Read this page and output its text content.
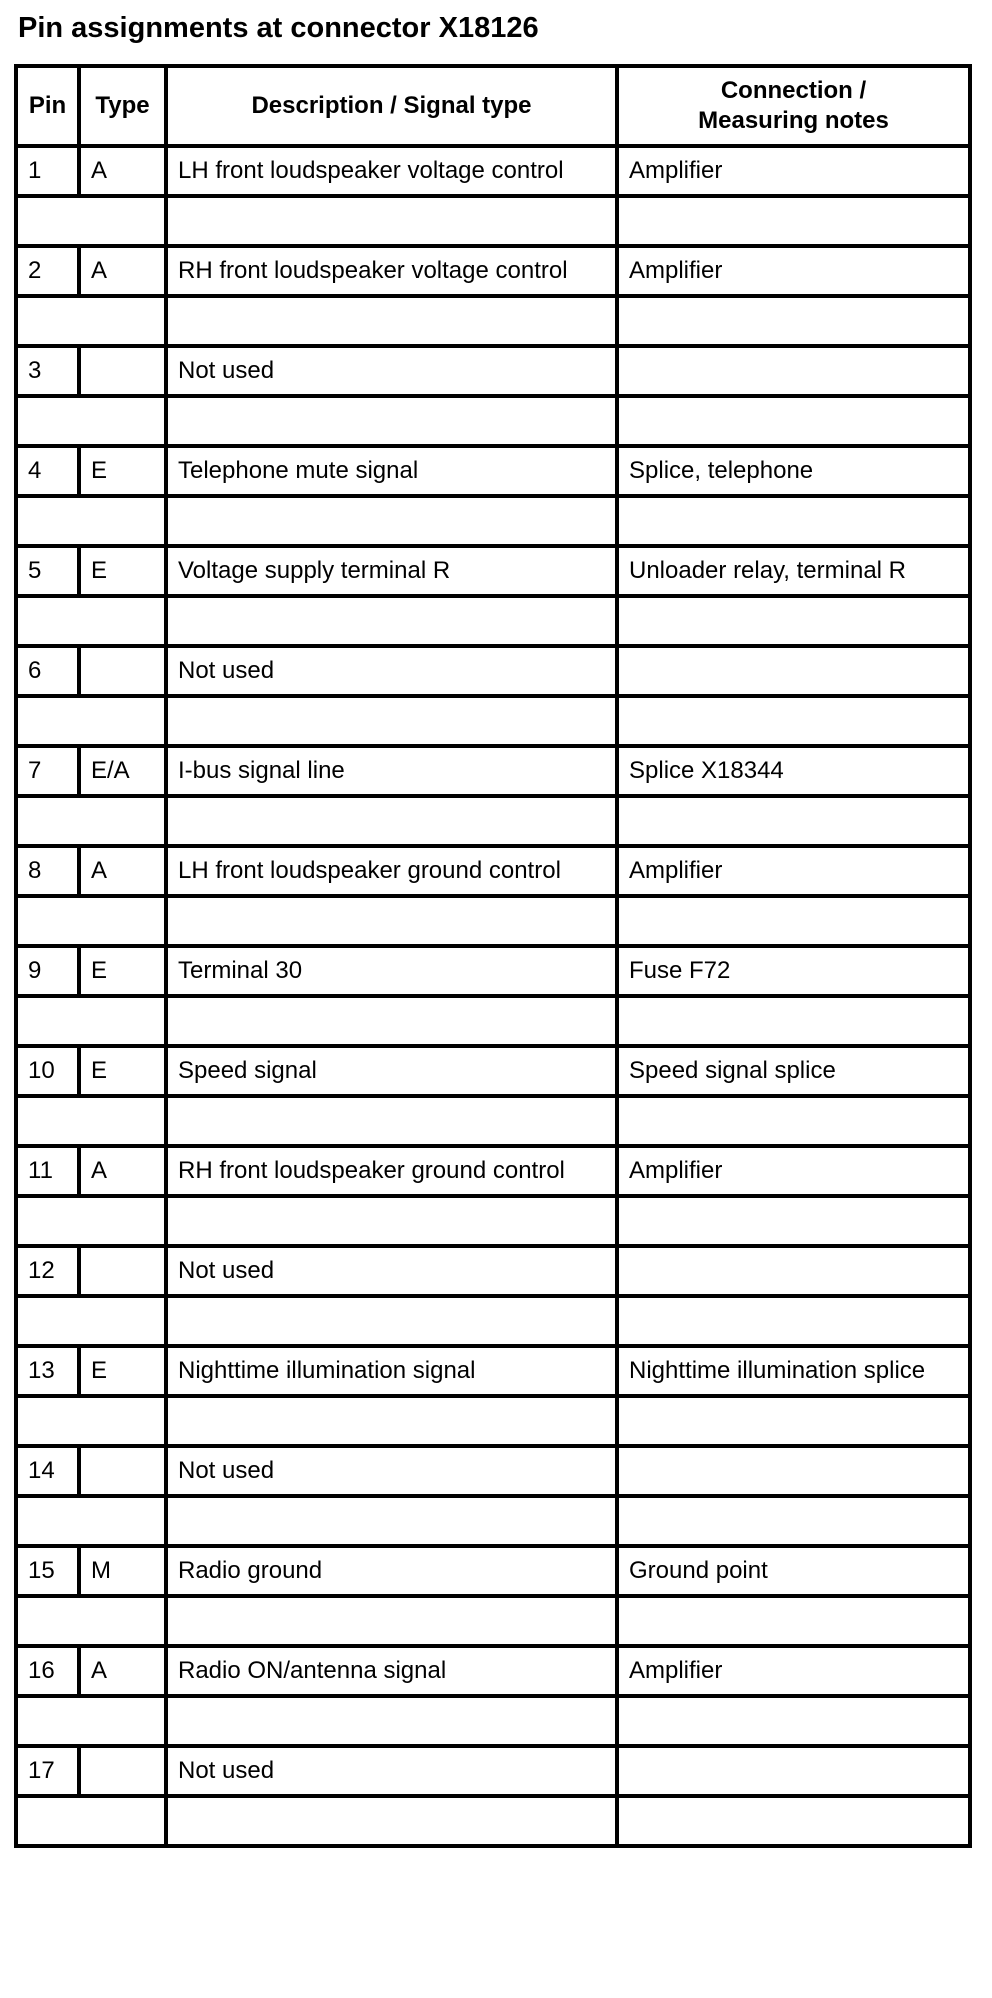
Pin assignments at connector X18126
Pin	Type	Description / Signal type	Connection /
Measuring notes
1	A	LH front loudspeaker voltage control	Amplifier

2	A	RH front loudspeaker voltage control	Amplifier

3		Not used	

4	E	Telephone mute signal	Splice, telephone

5	E	Voltage supply terminal R	Unloader relay, terminal R

6		Not used	

7	E/A	I-bus signal line	Splice X18344

8	A	LH front loudspeaker ground control	Amplifier

9	E	Terminal 30	Fuse F72

10	E	Speed signal	Speed signal splice

11	A	RH front loudspeaker ground control	Amplifier

12		Not used	

13	E	Nighttime illumination signal	Nighttime illumination splice

14		Not used	

15	M	Radio ground	Ground point

16	A	Radio ON/antenna signal	Amplifier

17		Not used	
